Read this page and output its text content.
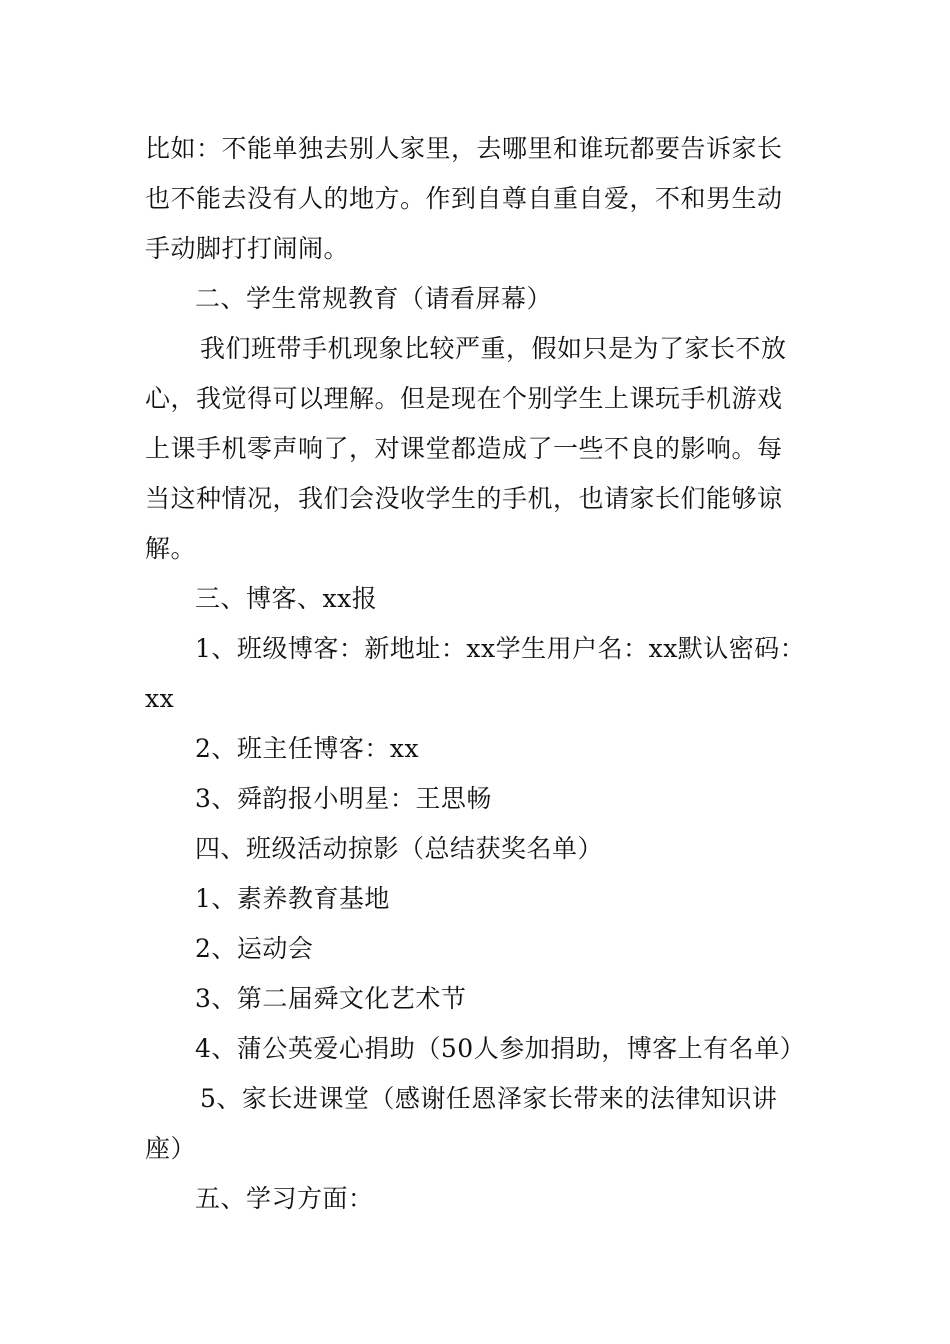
比如：不能单独去别人家里，去哪里和谁玩都要告诉家长
也不能去没有人的地方。作到自尊自重自爱，不和男生动
手动脚打打闹闹。
二、学生常规教育（请看屏幕）
我们班带手机现象比较严重，假如只是为了家长不放
心，我觉得可以理解。但是现在个别学生上课玩手机游戏
上课手机零声响了，对课堂都造成了一些不良的影响。每
当这种情况，我们会没收学生的手机，也请家长们能够谅
解。
三、博客、xx报
1、班级博客：新地址：xx学生用户名：xx默认密码：
xx
2、班主任博客：xx
3、舜韵报小明星：王思畅
四、班级活动掠影（总结获奖名单）
1、素养教育基地
2、运动会
3、第二届舜文化艺术节
4、蒲公英爱心捐助（50人参加捐助，博客上有名单）
5、家长进课堂（感谢任恩泽家长带来的法律知识讲
座）
五、学习方面：
